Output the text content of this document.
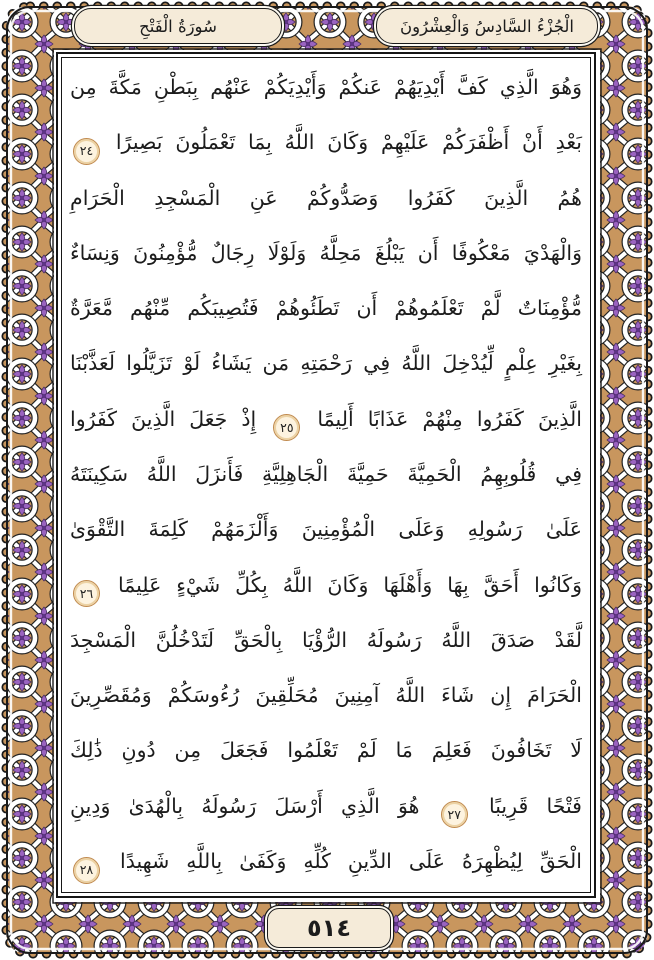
سُورَةُ الْفَتْحِ	الْجُزْءُ السَّادِسُ وَالْعِشْرُونَ
وَهُوَ الَّذِي كَفَّ أَيْدِيَهُمْ عَنكُمْ وَأَيْدِيَكُمْ عَنْهُم بِبَطْنِ مَكَّةَ مِن
بَعْدِ أَنْ أَظْفَرَكُمْ عَلَيْهِمْ وَكَانَ اللَّهُ بِمَا تَعْمَلُونَ بَصِيرًا ٢٤
هُمُ الَّذِينَ كَفَرُوا وَصَدُّوكُمْ عَنِ الْمَسْجِدِ الْحَرَامِ
وَالْهَدْيَ مَعْكُوفًا أَن يَبْلُغَ مَحِلَّهُ وَلَوْلَا رِجَالٌ مُّؤْمِنُونَ وَنِسَاءٌ
مُّؤْمِنَاتٌ لَّمْ تَعْلَمُوهُمْ أَن تَطَئُوهُمْ فَتُصِيبَكُم مِّنْهُم مَّعَرَّةٌ
بِغَيْرِ عِلْمٍ لِّيُدْخِلَ اللَّهُ فِي رَحْمَتِهِ مَن يَشَاءُ لَوْ تَزَيَّلُوا لَعَذَّبْنَا
الَّذِينَ كَفَرُوا مِنْهُمْ عَذَابًا أَلِيمًا ٢٥ إِذْ جَعَلَ الَّذِينَ كَفَرُوا
فِي قُلُوبِهِمُ الْحَمِيَّةَ حَمِيَّةَ الْجَاهِلِيَّةِ فَأَنزَلَ اللَّهُ سَكِينَتَهُ
عَلَىٰ رَسُولِهِ وَعَلَى الْمُؤْمِنِينَ وَأَلْزَمَهُمْ كَلِمَةَ التَّقْوَىٰ
وَكَانُوا أَحَقَّ بِهَا وَأَهْلَهَا وَكَانَ اللَّهُ بِكُلِّ شَيْءٍ عَلِيمًا ٢٦
لَّقَدْ صَدَقَ اللَّهُ رَسُولَهُ الرُّؤْيَا بِالْحَقِّ لَتَدْخُلُنَّ الْمَسْجِدَ
الْحَرَامَ إِن شَاءَ اللَّهُ آمِنِينَ مُحَلِّقِينَ رُءُوسَكُمْ وَمُقَصِّرِينَ
لَا تَخَافُونَ فَعَلِمَ مَا لَمْ تَعْلَمُوا فَجَعَلَ مِن دُونِ ذَٰلِكَ
فَتْحًا قَرِيبًا ٢٧ هُوَ الَّذِي أَرْسَلَ رَسُولَهُ بِالْهُدَىٰ وَدِينِ
الْحَقِّ لِيُظْهِرَهُ عَلَى الدِّينِ كُلِّهِ وَكَفَىٰ بِاللَّهِ شَهِيدًا ٢٨
٥١٤
